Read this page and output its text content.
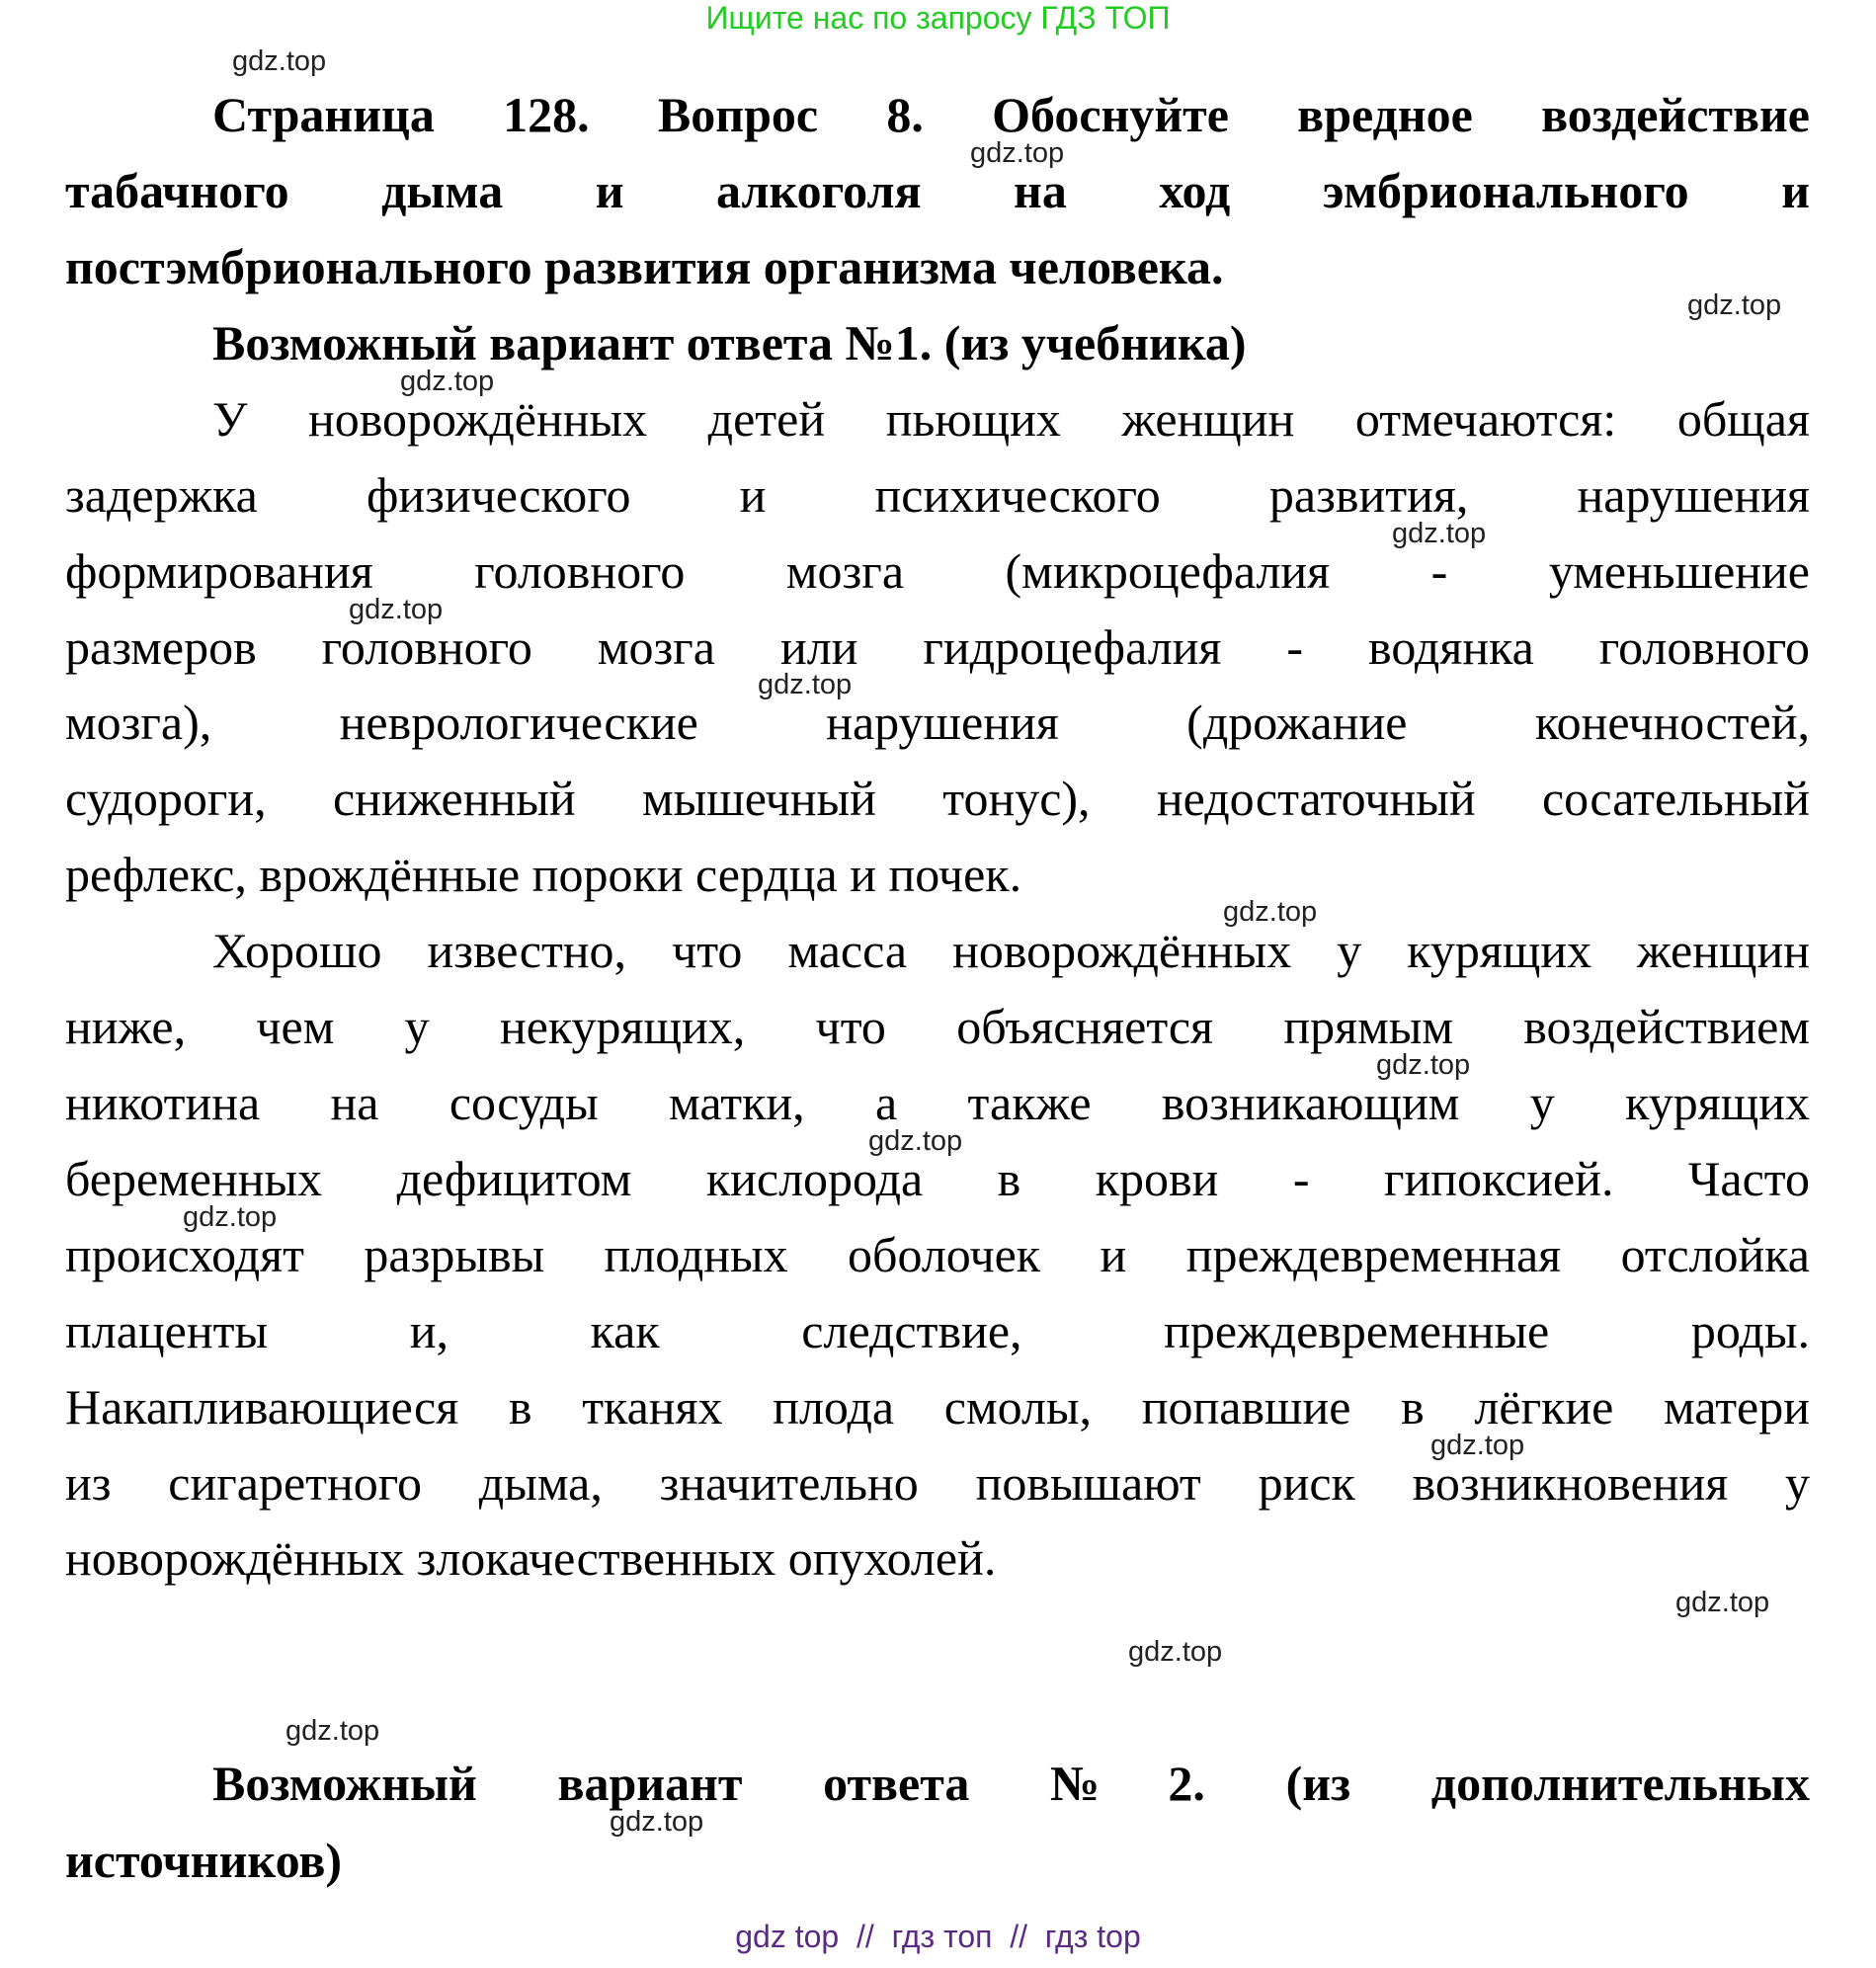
Ищите нас по запросу ГДЗ ТОП
Страница 128. Вопрос 8. Обоснуйте вредное воздействие
табачного дыма и алкоголя на ход эмбрионального и
постэмбрионального развития организма человека.
Возможный вариант ответа №1. (из учебника)
У новорождённых детей пьющих женщин отмечаются: общая
задержка физического и психического развития, нарушения
формирования головного мозга (микроцефалия - уменьшение
размеров головного мозга или гидроцефалия - водянка головного
мозга), неврологические нарушения (дрожание конечностей,
судороги, сниженный мышечный тонус), недостаточный сосательный
рефлекс, врождённые пороки сердца и почек.
Хорошо известно, что масса новорождённых у курящих женщин
ниже, чем у некурящих, что объясняется прямым воздействием
никотина на сосуды матки, а также возникающим у курящих
беременных дефицитом кислорода в крови - гипоксией. Часто
происходят разрывы плодных оболочек и преждевременная отслойка
плаценты и, как следствие, преждевременные роды.
Накапливающиеся в тканях плода смолы, попавшие в лёгкие матери
из сигаретного дыма, значительно повышают риск возникновения у
новорождённых злокачественных опухолей.
Возможный вариант ответа №2. (из дополнительных
источников)
gdz.top
gdz.top
gdz.top
gdz.top
gdz.top
gdz.top
gdz.top
gdz.top
gdz.top
gdz.top
gdz.top
gdz.top
gdz.top
gdz.top
gdz.top
gdz.top
gdz top  //  гдз топ  //  гдз top
